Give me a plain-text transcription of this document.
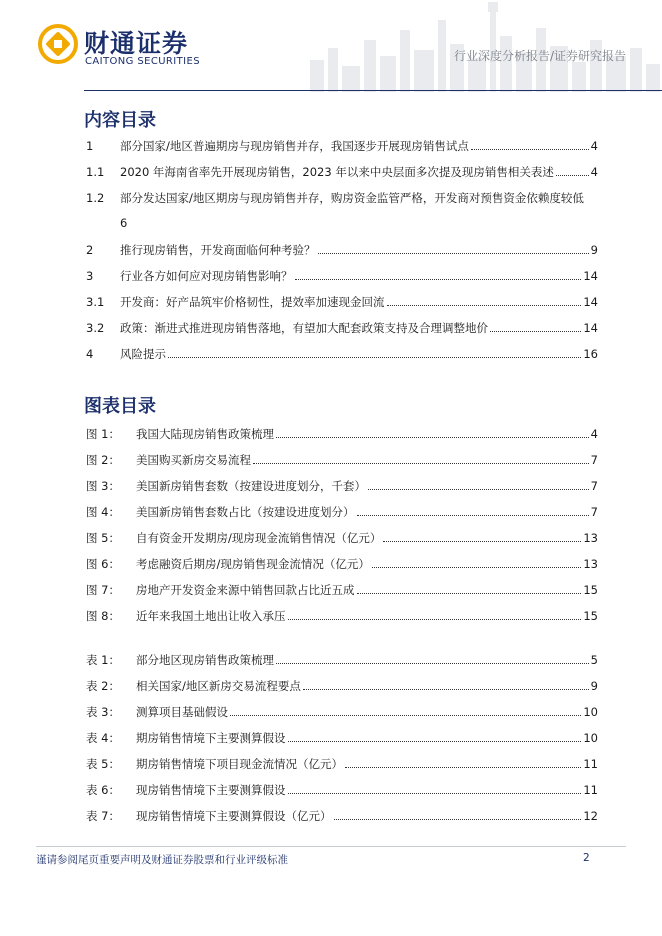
财通证券
CAITONG SECURITIES	行业深度分析报告/证券研究报告
内容目录
1	部分国家/地区普遍期房与现房销售并存，我国逐步开展现房销售试点	4
1.1	2020 年海南省率先开展现房销售，2023 年以来中央层面多次提及现房销售相关表述	4
1.2	部分发达国家/地区期房与现房销售并存，购房资金监管严格，开发商对预售资金依赖度较低
6
2	推行现房销售，开发商面临何种考验？	9
3	行业各方如何应对现房销售影响？	14
3.1	开发商：好产品筑牢价格韧性，提效率加速现金回流	14
3.2	政策：渐进式推进现房销售落地，有望加大配套政策支持及合理调整地价	14
4	风险提示	16
图表目录
图 1：	我国大陆现房销售政策梳理	4
图 2：	美国购买新房交易流程	7
图 3：	美国新房销售套数（按建设进度划分，千套）	7
图 4：	美国新房销售套数占比（按建设进度划分）	7
图 5：	自有资金开发期房/现房现金流销售情况（亿元）	13
图 6：	考虑融资后期房/现房销售现金流情况（亿元）	13
图 7：	房地产开发资金来源中销售回款占比近五成	15
图 8：	近年来我国土地出让收入承压	15
表 1：	部分地区现房销售政策梳理	5
表 2：	相关国家/地区新房交易流程要点	9
表 3：	测算项目基础假设	10
表 4：	期房销售情境下主要测算假设	10
表 5：	期房销售情境下项目现金流情况（亿元）	11
表 6：	现房销售情境下主要测算假设	11
表 7：	现房销售情境下主要测算假设（亿元）	12
谨请参阅尾页重要声明及财通证券股票和行业评级标准	2
